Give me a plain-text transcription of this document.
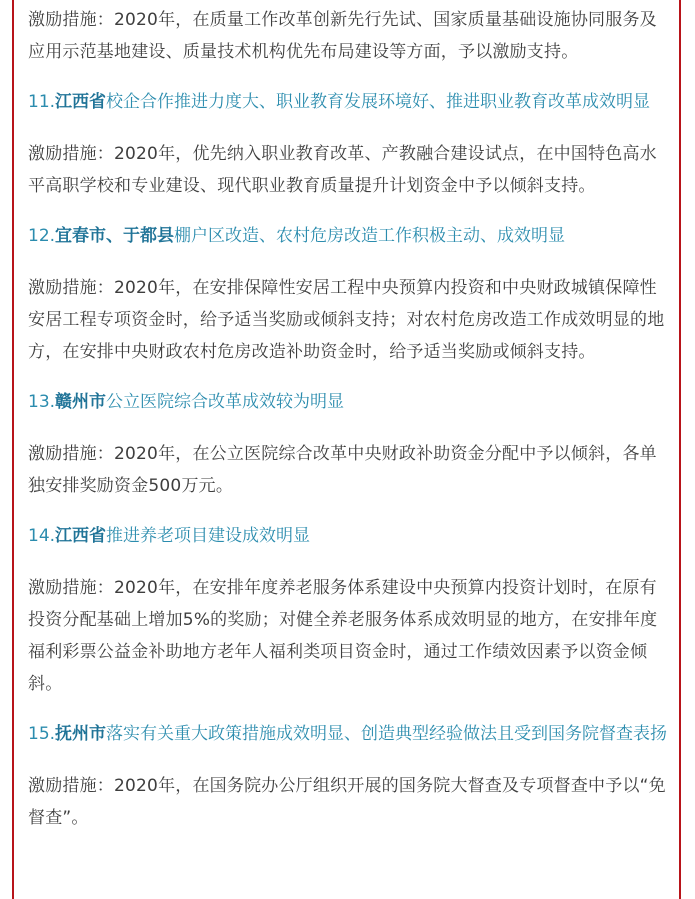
激励措施：2020年，在质量工作改革创新先行先试、国家质量基础设施协同服务及应用示范基地建设、质量技术机构优先布局建设等方面，予以激励支持。

11.江西省校企合作推进力度大、职业教育发展环境好、推进职业教育改革成效明显

激励措施：2020年，优先纳入职业教育改革、产教融合建设试点，在中国特色高水平高职学校和专业建设、现代职业教育质量提升计划资金中予以倾斜支持。

12.宜春市、于都县棚户区改造、农村危房改造工作积极主动、成效明显

激励措施：2020年，在安排保障性安居工程中央预算内投资和中央财政城镇保障性安居工程专项资金时，给予适当奖励或倾斜支持；对农村危房改造工作成效明显的地方，在安排中央财政农村危房改造补助资金时，给予适当奖励或倾斜支持。

13.赣州市公立医院综合改革成效较为明显

激励措施：2020年，在公立医院综合改革中央财政补助资金分配中予以倾斜，各单独安排奖励资金500万元。

14.江西省推进养老项目建设成效明显

激励措施：2020年，在安排年度养老服务体系建设中央预算内投资计划时，在原有投资分配基础上增加5%的奖励；对健全养老服务体系成效明显的地方，在安排年度福利彩票公益金补助地方老年人福利类项目资金时，通过工作绩效因素予以资金倾斜。

15.抚州市落实有关重大政策措施成效明显、创造典型经验做法且受到国务院督查表扬

激励措施：2020年，在国务院办公厅组织开展的国务院大督查及专项督查中予以“免督查”。
